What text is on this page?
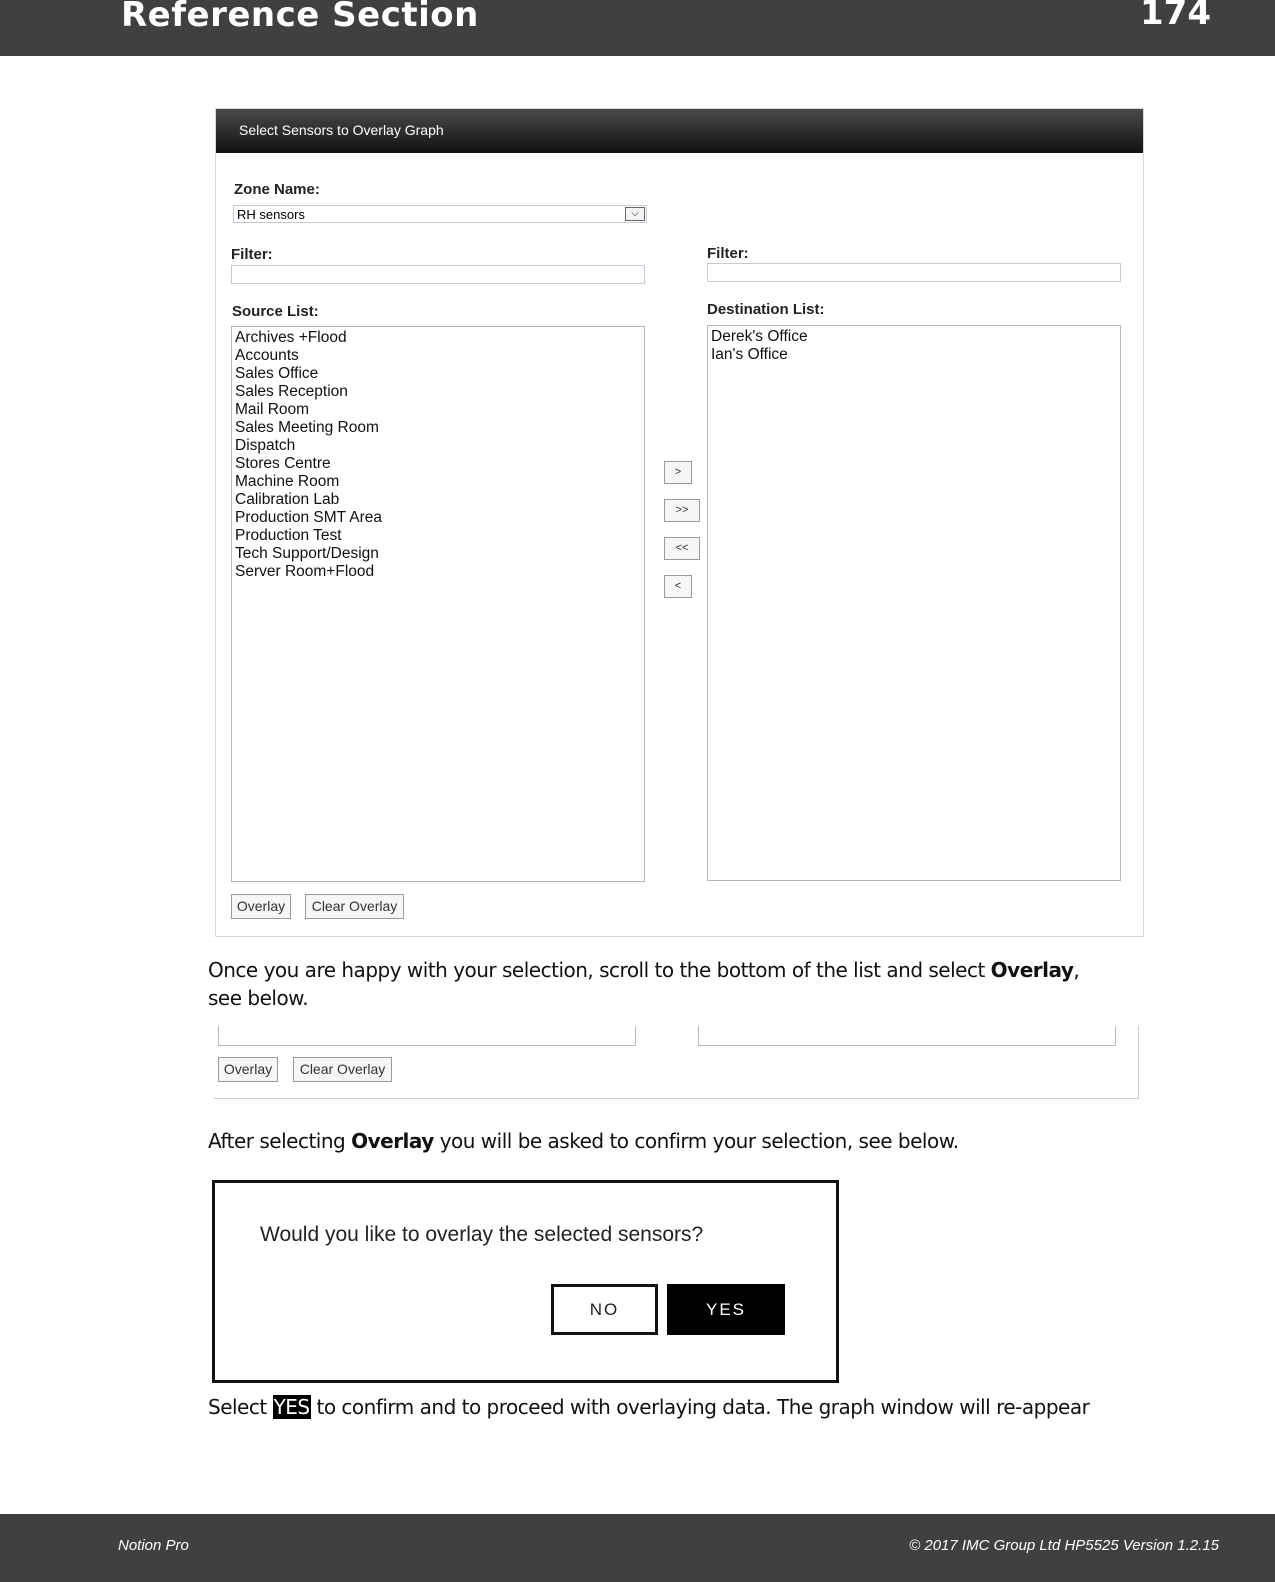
Reference Section	174
Select Sensors to Overlay Graph
Zone Name:
RH sensors	⌵
Filter:	Filter:
Source List:
Archives +Flood
Accounts
Sales Office
Sales Reception
Mail Room
Sales Meeting Room
Dispatch
Stores Centre
Machine Room
Calibration Lab
Production SMT Area
Production Test
Tech Support/Design
Server Room+Flood
Destination List:
Derek's Office
Ian's Office
>
>>
<<
<
Overlay	Clear Overlay
Once you are happy with your selection, scroll to the bottom of the list and select Overlay,
see below.
Overlay	Clear Overlay
After selecting Overlay you will be asked to confirm your selection, see below.
Would you like to overlay the selected sensors?
NO	YES
Select YES to confirm and to proceed with overlaying data. The graph window will re-appear
Notion Pro	© 2017 IMC Group Ltd HP5525 Version 1.2.15
